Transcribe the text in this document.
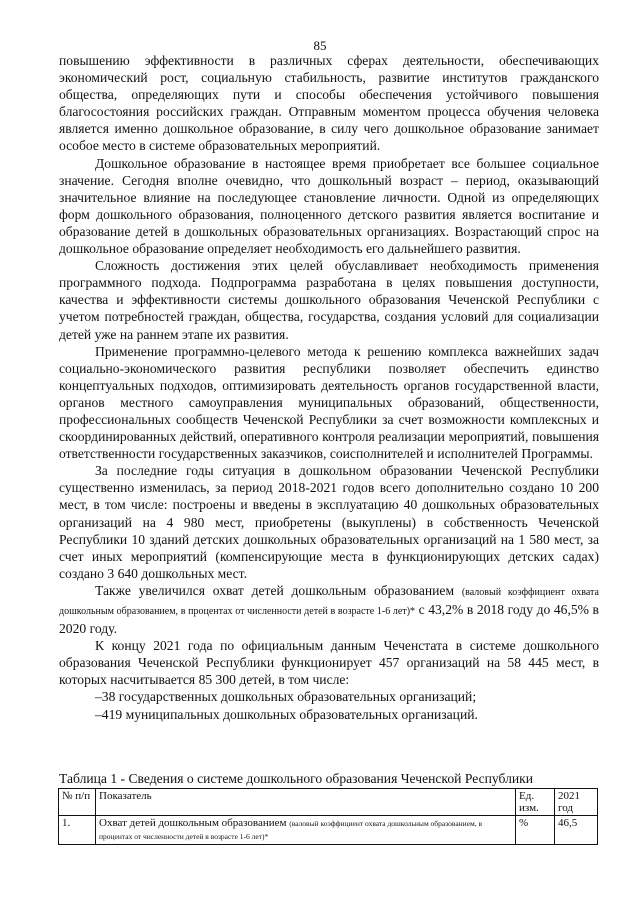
85

повышению эффективности в различных сферах деятельности, обеспечивающих экономический рост, социальную стабильность, развитие институтов гражданского общества, определяющих пути и способы обеспечения устойчивого повышения благосостояния российских граждан. Отправным моментом процесса обучения человека является именно дошкольное образование, в силу чего дошкольное образование занимает особое место в системе образовательных мероприятий.

Дошкольное образование в настоящее время приобретает все большее социальное значение. Сегодня вполне очевидно, что дошкольный возраст – период, оказывающий значительное влияние на последующее становление личности. Одной из определяющих форм дошкольного образования, полноценного детского развития является воспитание и образование детей в дошкольных образовательных организациях. Возрастающий спрос на дошкольное образование определяет необходимость его дальнейшего развития.

Сложность достижения этих целей обуславливает необходимость применения программного подхода. Подпрограмма разработана в целях повышения доступности, качества и эффективности системы дошкольного образования Чеченской Республики с учетом потребностей граждан, общества, государства, создания условий для социализации детей уже на раннем этапе их развития.

Применение программно-целевого метода к решению комплекса важнейших задач социально-экономического развития республики позволяет обеспечить единство концептуальных подходов, оптимизировать деятельность органов государственной власти, органов местного самоуправления муниципальных образований, общественности, профессиональных сообществ Чеченской Республики за счет возможности комплексных и скоординированных действий, оперативного контроля реализации мероприятий, повышения ответственности государственных заказчиков, соисполнителей и исполнителей Программы.

За последние годы ситуация в дошкольном образовании Чеченской Республики существенно изменилась, за период 2018-2021 годов всего дополнительно создано 10 200 мест, в том числе: построены и введены в эксплуатацию 40 дошкольных образовательных организаций на 4 980 мест, приобретены (выкуплены) в собственность Чеченской Республики 10 зданий детских дошкольных образовательных организаций на 1 580 мест, за счет иных мероприятий (компенсирующие места в функционирующих детских садах) создано 3 640 дошкольных мест.

Также увеличился охват детей дошкольным образованием (валовый коэффициент охвата дошкольным образованием, в процентах от численности детей в возрасте 1-6 лет)* с 43,2% в 2018 году до 46,5% в 2020 году.

К концу 2021 года по официальным данным Чеченстата в системе дошкольного образования Чеченской Республики функционирует 457 организаций на 58 445 мест, в которых насчитывается 85 300 детей, в том числе:

–38 государственных дошкольных образовательных организаций;

–419 муниципальных дошкольных образовательных организаций.

Таблица 1 - Сведения о системе дошкольного образования Чеченской Республики
№ п/п	Показатель	Ед. изм.	2021 год
1.	Охват детей дошкольным образованием (валовый коэффициент охвата дошкольным образованием, в процентах от численности детей в возрасте 1-6 лет)*	%	46,5
